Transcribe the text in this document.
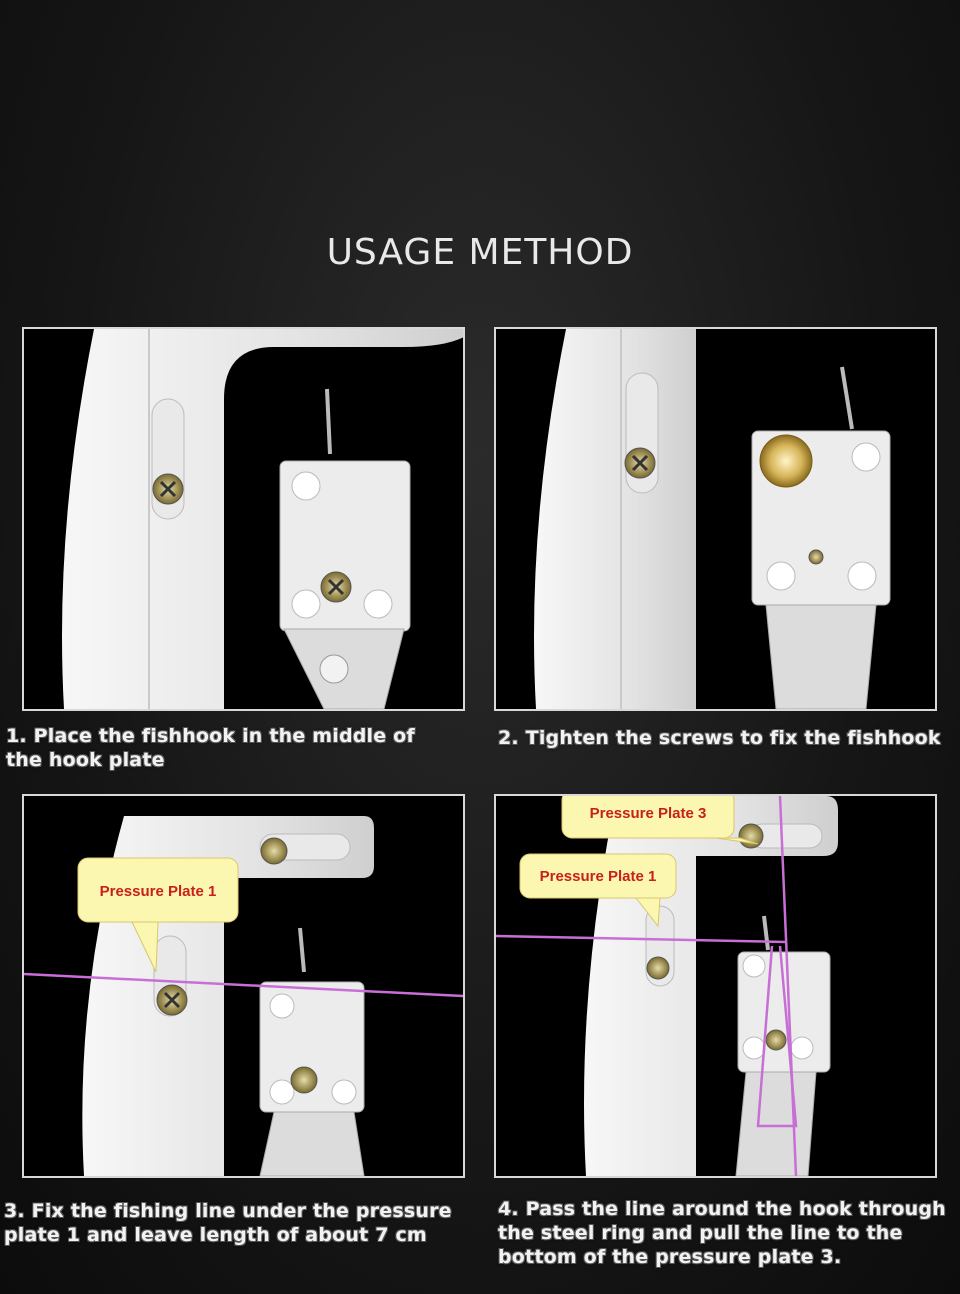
USAGE METHOD
Pressure Plate 1
Pressure Plate 3
Pressure Plate 1
1. Place the fishhook in the middle of the hook plate
2. Tighten the screws to fix the fishhook
3. Fix the fishing line under the pressure plate 1 and leave length of about 7 cm
4. Pass the line around the hook through the steel ring and pull the line to the bottom of the pressure plate 3.
